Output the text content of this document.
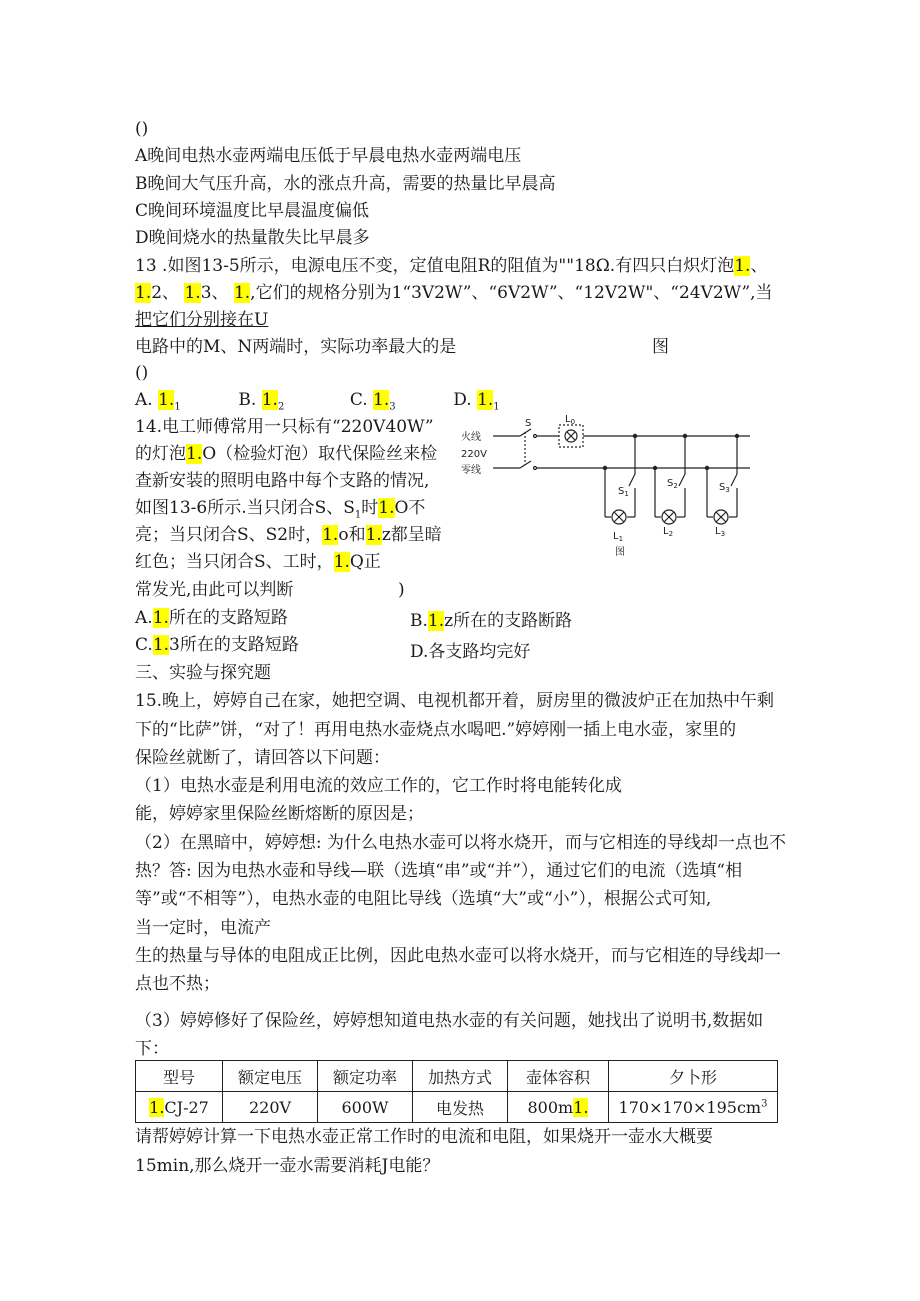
()
A晚间电热水壶两端电压低于早晨电热水壶两端电压
B晚间大气压升高，水的涨点升高，需要的热量比早晨高
C晚间环境温度比早晨温度偏低
D晚间烧水的热量散失比早晨多
13 .如图13-5所示，电源电压不变，定值电阻R的阻值为""18Ω.有四只白炽灯泡1.、
1.2、 1.3、 1.,它们的规格分别为1“3V2W”、“6V2W”、“12V2W"、“24V2W”,当
把它们分别接在U
电路中的M、N两端时，实际功率最大的是	图
()
A. $1._1$	B. $1._2$	C. $1._3$	D. $1._1$
14.电工师傅常用一只标有“220V40W”
的灯泡1.O（检验灯泡）取代保险丝来检
查新安装的照明电路中每个支路的情况,
如图13-6所示.当只闭合S、$S_1$时1.O不
亮；当只闭合S、S2时，1.o和1.z都呈暗
红色；当只闭合S、工时，1.Q正
常发光,由此可以判断	)
A.1.所在的支路短路	B.1.z所在的支路断路
C.1.3所在的支路短路	D.各支路均完好
火线
220V
零线
S	$L_0$
$S_1$
$L_1$
$S_2$
$L_2$
$S_3$
$L_3$
图
三、实验与探究题
15.晚上，婷婷自己在家，她把空调、电视机都开着，厨房里的微波炉正在加热中午剩
下的“比萨”饼，“对了！再用电热水壶烧点水喝吧.”婷婷刚一插上电水壶，家里的
保险丝就断了，请回答以下问题：
（1）电热水壶是利用电流的效应工作的，它工作时将电能转化成
能，婷婷家里保险丝断熔断的原因是；
（2）在黑暗中，婷婷想: 为什么电热水壶可以将水烧开，而与它相连的导线却一点也不
热？答: 因为电热水壶和导线—联（选填“串”或“并”），通过它们的电流（选填“相
等”或“不相等”），电热水壶的电阻比导线（选填“大”或“小”），根据公式可知,
当一定时，电流产
生的热量与导体的电阻成正比例，因此电热水壶可以将水烧开，而与它相连的导线却一
点也不热；
（3）婷婷修好了保险丝，婷婷想知道电热水壶的有关问题，她找出了说明书,数据如
下：
型号	额定电压	额定功率	加热方式	壶体容积	夕卜形
1.CJ-27	220V	600W	电发热	800m1.	$170\times 170\times 195cm^3$
请帮婷婷计算一下电热水壶正常工作时的电流和电阻，如果烧开一壶水大概要
15min,那么烧开一壶水需要消耗J电能？
